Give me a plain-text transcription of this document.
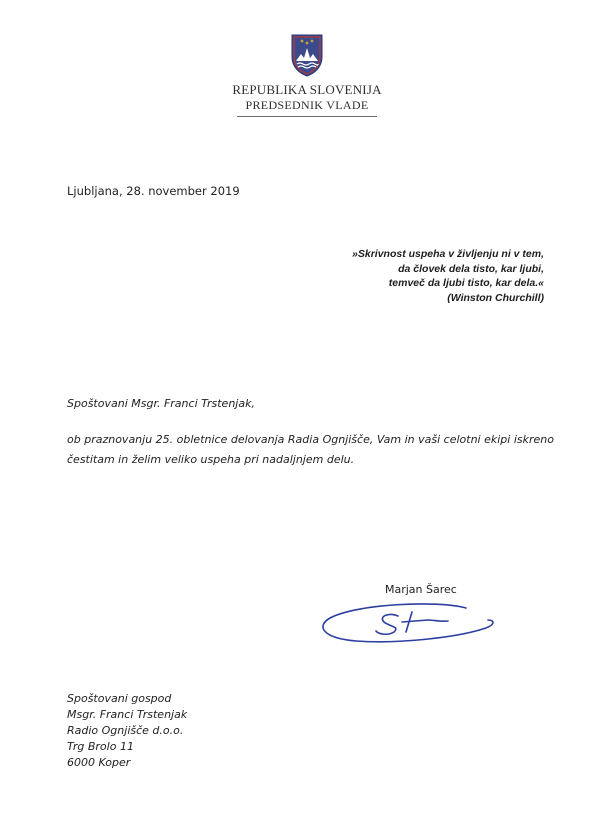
REPUBLIKA SLOVENIJA
PREDSEDNIK VLADE
Ljubljana, 28. november 2019
»Skrivnost uspeha v življenju ni v tem,
da človek dela tisto, kar ljubi,
temveč da ljubi tisto, kar dela.«
(Winston Churchill)
Spoštovani Msgr. Franci Trstenjak,
ob praznovanju 25. obletnice delovanja Radia Ognjišče, Vam in vaši celotni ekipi iskreno
čestitam in želim veliko uspeha pri nadaljnjem delu.
Marjan Šarec
Spoštovani gospod
Msgr. Franci Trstenjak
Radio Ognjišče d.o.o.
Trg Brolo 11
6000 Koper
